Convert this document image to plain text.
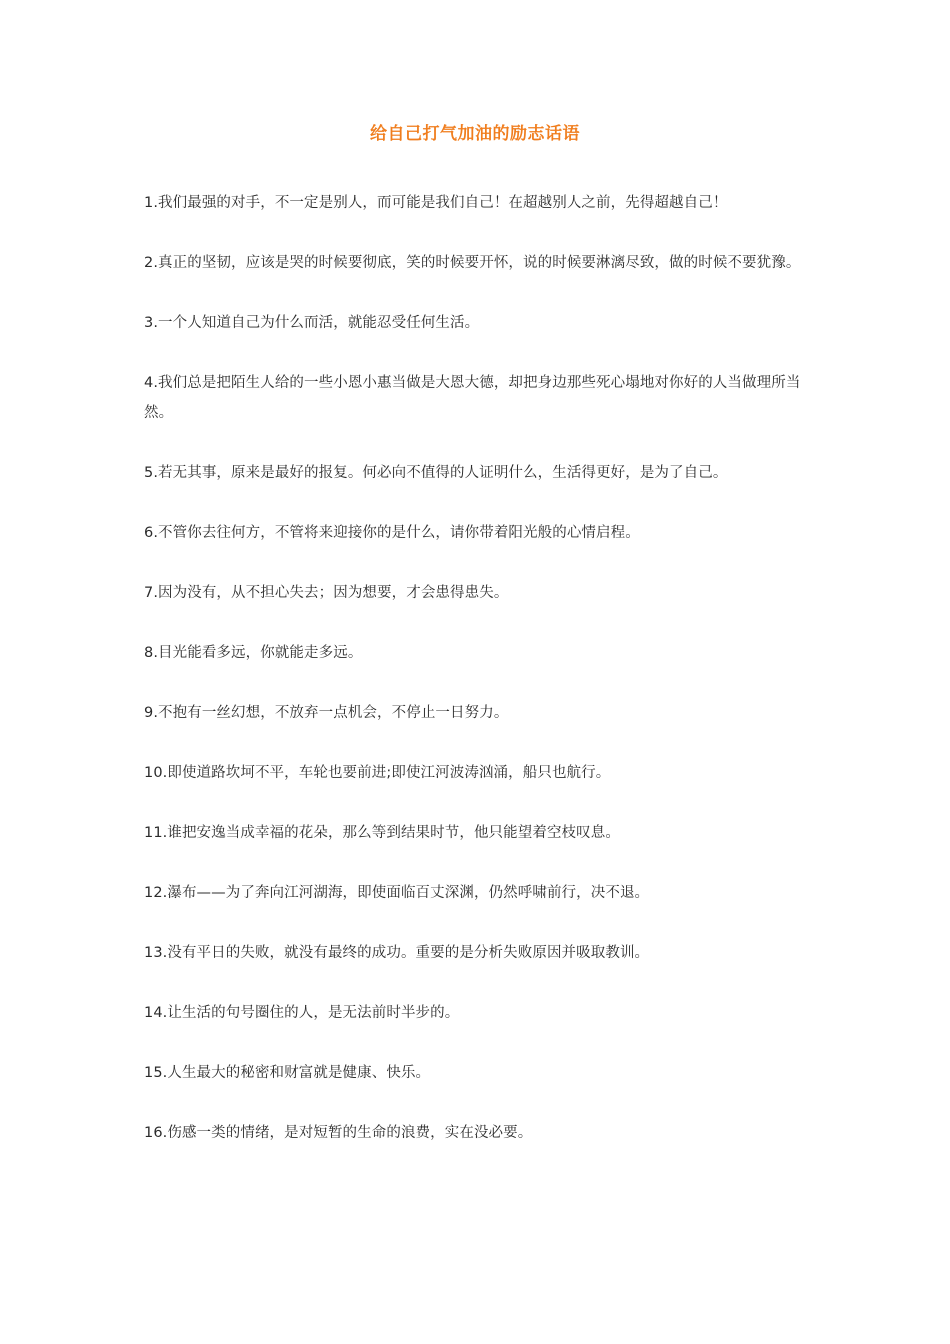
给自己打气加油的励志话语
1.我们最强的对手，不一定是别人，而可能是我们自己！在超越别人之前，先得超越自己！
2.真正的坚韧，应该是哭的时候要彻底，笑的时候要开怀，说的时候要淋漓尽致，做的时候不要犹豫。
3.一个人知道自己为什么而活，就能忍受任何生活。
4.我们总是把陌生人给的一些小恩小惠当做是大恩大德，却把身边那些死心塌地对你好的人当做理所当然。
5.若无其事，原来是最好的报复。何必向不值得的人证明什么，生活得更好，是为了自己。
6.不管你去往何方，不管将来迎接你的是什么，请你带着阳光般的心情启程。
7.因为没有，从不担心失去；因为想要，才会患得患失。
8.目光能看多远，你就能走多远。
9.不抱有一丝幻想，不放弃一点机会，不停止一日努力。
10.即使道路坎坷不平，车轮也要前进;即使江河波涛汹涌，船只也航行。
11.谁把安逸当成幸福的花朵，那么等到结果时节，他只能望着空枝叹息。
12.瀑布——为了奔向江河湖海，即使面临百丈深渊，仍然呼啸前行，决不退。
13.没有平日的失败，就没有最终的成功。重要的是分析失败原因并吸取教训。
14.让生活的句号圈住的人，是无法前时半步的。
15.人生最大的秘密和财富就是健康、快乐。
16.伤感一类的情绪，是对短暂的生命的浪费，实在没必要。
